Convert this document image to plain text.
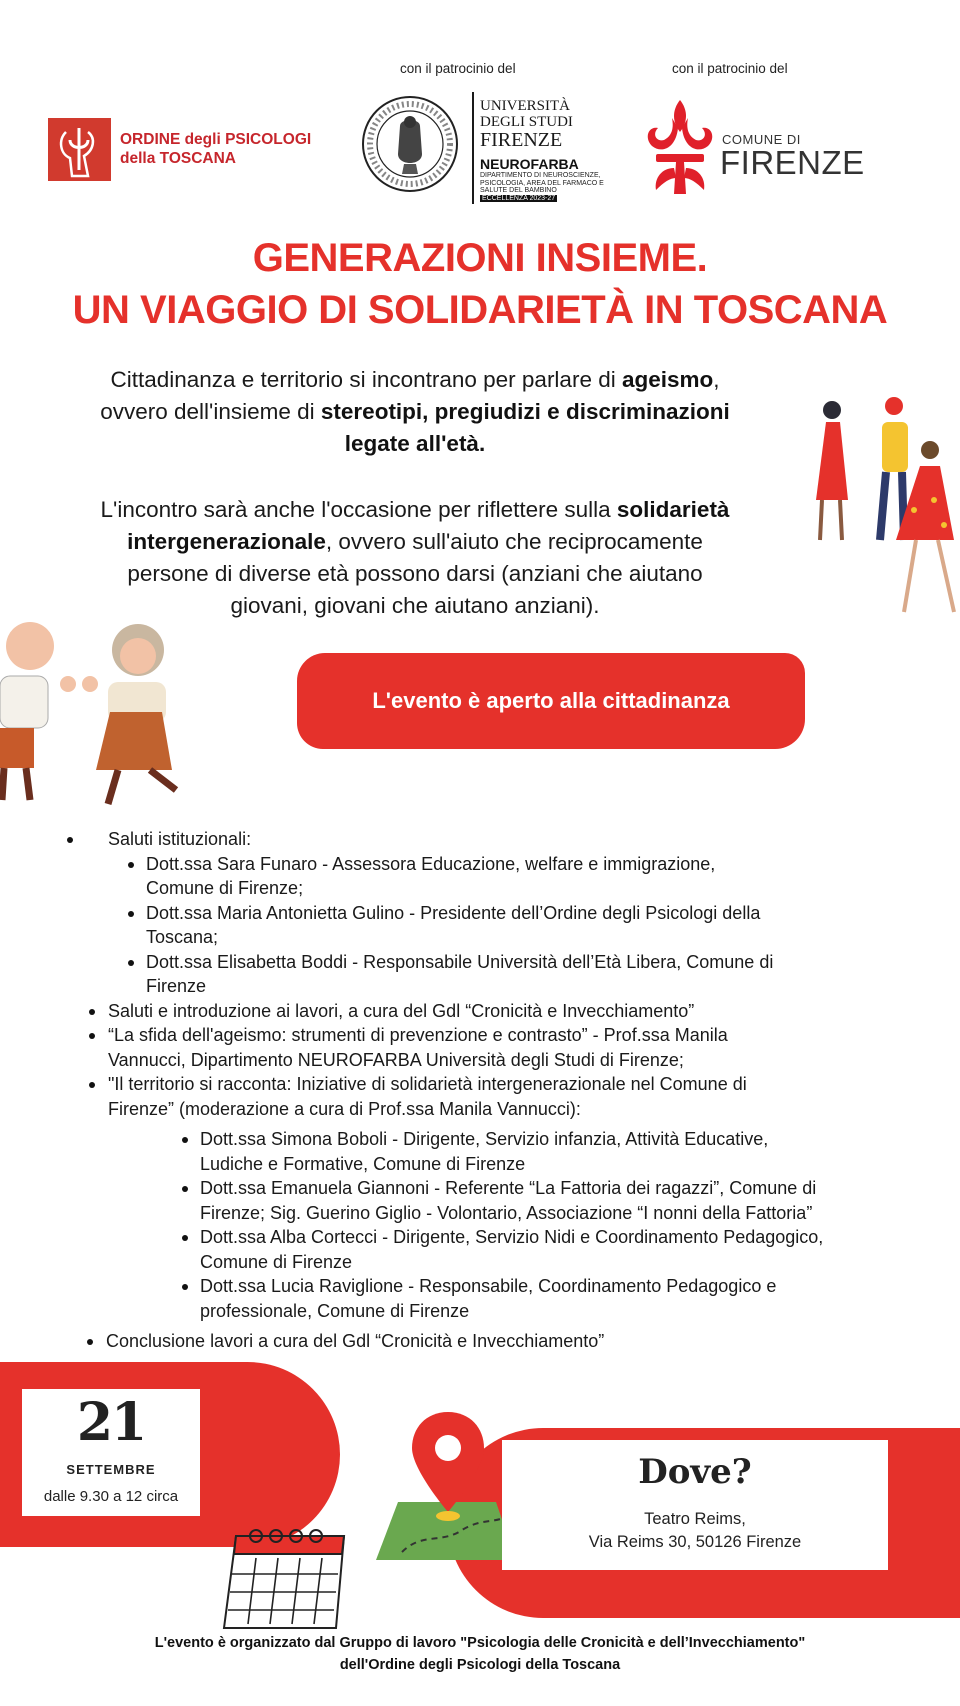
con il patrocinio del	con il patrocinio del
ORDINE degli PSICOLOGI
della TOSCANA
UNIVERSITÀ
DEGLI STUDI
FIRENZE
NEUROFARBA
DIPARTIMENTO DI NEUROSCIENZE, PSICOLOGIA, AREA DEL FARMACO E SALUTE DEL BAMBINO
ECCELLENZA 2023-27
COMUNE DI
FIRENZE
GENERAZIONI INSIEME.
UN VIAGGIO DI SOLIDARIETÀ IN TOSCANA
Cittadinanza e territorio si incontrano per parlare di ageismo,
ovvero dell'insieme di stereotipi, pregiudizi e discriminazioni
legate all'età.
L'incontro sarà anche l'occasione per riflettere sulla solidarietà
intergenerazionale, ovvero sull'aiuto che reciprocamente
persone di diverse età possono darsi (anziani che aiutano
giovani, giovani che aiutano anziani).
L'evento è aperto alla cittadinanza
Saluti istituzionali:
Dott.ssa Sara Funaro - Assessora Educazione, welfare e immigrazione,
Comune di Firenze;
Dott.ssa Maria Antonietta Gulino - Presidente dell’Ordine degli Psicologi della
Toscana;
Dott.ssa Elisabetta Boddi - Responsabile Università dell’Età Libera, Comune di
Firenze
Saluti e introduzione ai lavori, a cura del Gdl “Cronicità e Invecchiamento”
“La sfida dell'ageismo: strumenti di prevenzione e contrasto” - Prof.ssa Manila
Vannucci, Dipartimento NEUROFARBA Università degli Studi di Firenze;
"Il territorio si racconta: Iniziative di solidarietà intergenerazionale nel Comune di
Firenze” (moderazione a cura di Prof.ssa Manila Vannucci):
Dott.ssa Simona Boboli - Dirigente, Servizio infanzia, Attività Educative,
Ludiche e Formative, Comune di Firenze
Dott.ssa Emanuela Giannoni - Referente “La Fattoria dei ragazzi”, Comune di
Firenze; Sig. Guerino Giglio - Volontario, Associazione “I nonni della Fattoria”
Dott.ssa Alba Cortecci - Dirigente, Servizio Nidi e Coordinamento Pedagogico,
Comune di Firenze
Dott.ssa Lucia Raviglione - Responsabile, Coordinamento Pedagogico e
professionale, Comune di Firenze
Conclusione lavori a cura del Gdl “Cronicità e Invecchiamento”
21
SETTEMBRE
dalle 9.30 a 12 circa
Dove?
Teatro Reims,
Via Reims 30, 50126 Firenze
L'evento è organizzato dal Gruppo di lavoro "Psicologia delle Cronicità e dell’Invecchiamento"
dell'Ordine degli Psicologi della Toscana
